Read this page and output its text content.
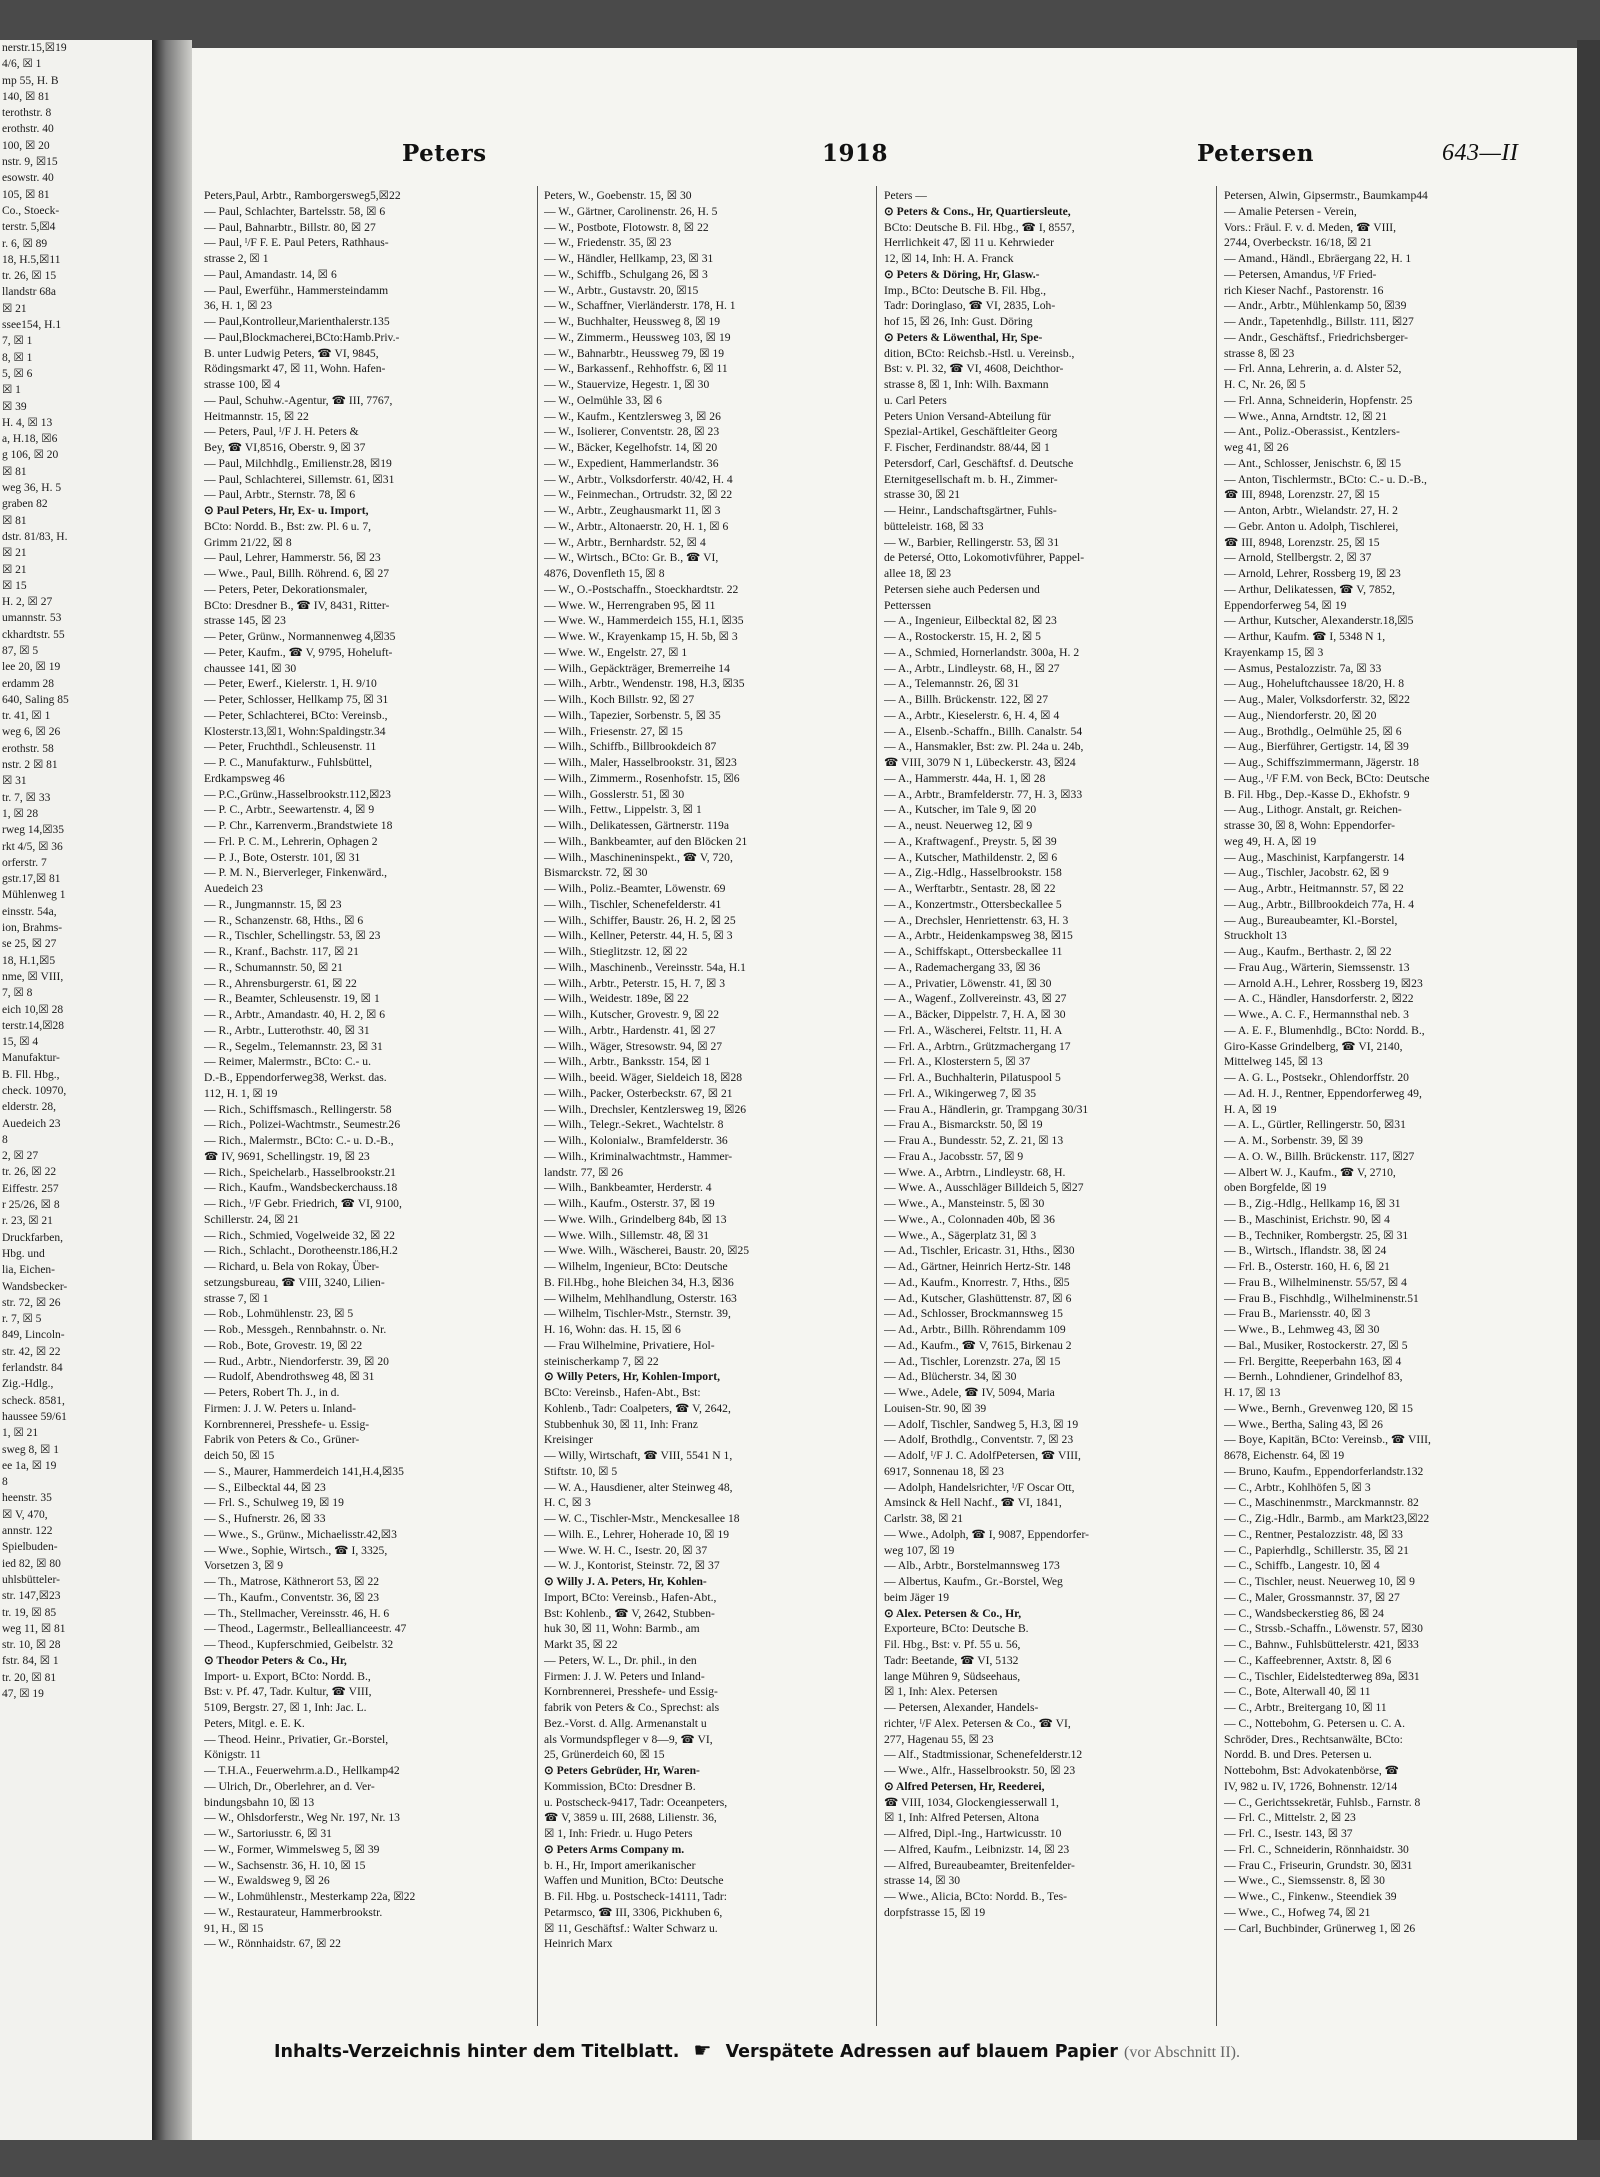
nerstr.15,☒19
4/6, ☒ 1
mp 55, H. B
140, ☒ 81
terothstr. 8
erothstr. 40
100, ☒ 20
nstr. 9, ☒15
esowstr. 40
105, ☒ 81
Co., Stoeck-
terstr. 5,☒4
r. 6, ☒ 89
18, H.5,☒11
tr. 26, ☒ 15
llandstr 68a
☒ 21
ssee154, H.1
7, ☒ 1
8, ☒ 1
5, ☒ 6
☒ 1
☒ 39
H. 4, ☒ 13
a, H.18, ☒6
g 106, ☒ 20
☒ 81
weg 36, H. 5
graben 82
☒ 81
dstr. 81/83, H.
☒ 21
☒ 21
☒ 15
H. 2, ☒ 27
umannstr. 53
ckhardtstr. 55
87, ☒ 5
lee 20, ☒ 19
erdamm 28
640, Saling 85
tr. 41, ☒ 1
weg 6, ☒ 26
erothstr. 58
nstr. 2 ☒ 81
☒ 31
tr. 7, ☒ 33
1, ☒ 28
rweg 14,☒35
rkt 4/5, ☒ 36
orferstr. 7
gstr.17,☒ 81
Mühlenweg 1
einsstr. 54a,
ion, Brahms-
se 25, ☒ 27
18, H.1,☒5
nme, ☒ VIII,
7, ☒ 8
eich 10,☒ 28
terstr.14,☒28
15, ☒ 4
Manufaktur-
B. Fll. Hbg.,
check. 10970,
elderstr. 28,
Auedeich 23
8
2, ☒ 27
tr. 26, ☒ 22
Eiffestr. 257
r 25/26, ☒ 8
r. 23, ☒ 21
Druckfarben,
Hbg. und
lia, Eichen-
Wandsbecker-
str. 72, ☒ 26
r. 7, ☒ 5
849, Lincoln-
str. 42, ☒ 22
ferlandstr. 84
Zig.-Hdlg.,
scheck. 8581,
haussee 59/61
1, ☒ 21
sweg 8, ☒ 1
ee 1a, ☒ 19
8
heenstr. 35
☒ V, 470,
annstr. 122
Spielbuden-
ied 82, ☒ 80
uhlsbütteler-
str. 147,☒23
tr. 19, ☒ 85
weg 11, ☒ 81
str. 10, ☒ 28
fstr. 84, ☒ 1
tr. 20, ☒ 81
47, ☒ 19
Peters	1918	Petersen	643—II
Peters,Paul, Arbtr., Ramborgersweg5,☒22
— Paul, Schlachter, Bartelsstr. 58, ☒ 6
— Paul, Bahnarbtr., Billstr. 80, ☒ 27
— Paul, ᴵ/F F. E. Paul Peters, Rathhaus-
strasse 2, ☒ 1
— Paul, Amandastr. 14, ☒ 6
— Paul, Ewerführ., Hammersteindamm
36, H. 1, ☒ 23
— Paul,Kontrolleur,Marienthalerstr.135
— Paul,Blockmacherei,BCto:Hamb.Priv.-
B. unter Ludwig Peters, ☎ VI, 9845,
Rödingsmarkt 47, ☒ 11, Wohn. Hafen-
strasse 100, ☒ 4
— Paul, Schuhw.-Agentur, ☎ III, 7767,
Heitmannstr. 15, ☒ 22
— Peters, Paul, ᴵ/F J. H. Peters &
Bey, ☎ VI,8516, Oberstr. 9, ☒ 37
— Paul, Milchhdlg., Emilienstr.28, ☒19
— Paul, Schlachterei, Sillemstr. 61, ☒31
— Paul, Arbtr., Sternstr. 78, ☒ 6
⊙ Paul Peters, Hr, Ex- u. Import,
BCto: Nordd. B., Bst: zw. Pl. 6 u. 7,
Grimm 21/22, ☒ 8
— Paul, Lehrer, Hammerstr. 56, ☒ 23
— Wwe., Paul, Billh. Röhrend. 6, ☒ 27
— Peters, Peter, Dekorationsmaler,
BCto: Dresdner B., ☎ IV, 8431, Ritter-
strasse 145, ☒ 23
— Peter, Grünw., Normannenweg 4,☒35
— Peter, Kaufm., ☎ V, 9795, Hoheluft-
chaussee 141, ☒ 30
— Peter, Ewerf., Kielerstr. 1, H. 9/10
— Peter, Schlosser, Hellkamp 75, ☒ 31
— Peter, Schlachterei, BCto: Vereinsb.,
Klosterstr.13,☒1, Wohn:Spaldingstr.34
— Peter, Fruchthdl., Schleusenstr. 11
— P. C., Manufakturw., Fuhlsbüttel,
Erdkampsweg 46
— P.C.,Grünw.,Hasselbrookstr.112,☒23
— P. C., Arbtr., Seewartenstr. 4, ☒ 9
— P. Chr., Karrenverm.,Brandstwiete 18
— Frl. P. C. M., Lehrerin, Ophagen 2
— P. J., Bote, Osterstr. 101, ☒ 31
— P. M. N., Bierverleger, Finkenwärd.,
Auedeich 23
— R., Jungmannstr. 15, ☒ 23
— R., Schanzenstr. 68, Hths., ☒ 6
— R., Tischler, Schellingstr. 53, ☒ 23
— R., Kranf., Bachstr. 117, ☒ 21
— R., Schumannstr. 50, ☒ 21
— R., Ahrensburgerstr. 61, ☒ 22
— R., Beamter, Schleusenstr. 19, ☒ 1
— R., Arbtr., Amandastr. 40, H. 2, ☒ 6
— R., Arbtr., Lutterothstr. 40, ☒ 31
— R., Segelm., Telemannstr. 23, ☒ 31
— Reimer, Malermstr., BCto: C.- u.
D.-B., Eppendorferweg38, Werkst. das.
112, H. 1, ☒ 19
— Rich., Schiffsmasch., Rellingerstr. 58
— Rich., Polizei-Wachtmstr., Seumestr.26
— Rich., Malermstr., BCto: C.- u. D.-B.,
☎ IV, 9691, Schellingstr. 19, ☒ 23
— Rich., Speichelarb., Hasselbrookstr.21
— Rich., Kaufm., Wandsbeckerchauss.18
— Rich., ᴵ/F Gebr. Friedrich, ☎ VI, 9100,
Schillerstr. 24, ☒ 21
— Rich., Schmied, Vogelweide 32, ☒ 22
— Rich., Schlacht., Dorotheenstr.186,H.2
— Richard, u. Bela von Rokay, Über-
setzungsbureau, ☎ VIII, 3240, Lilien-
strasse 7, ☒ 1
— Rob., Lohmühlenstr. 23, ☒ 5
— Rob., Messgeh., Rennbahnstr. o. Nr.
— Rob., Bote, Grovestr. 19, ☒ 22
— Rud., Arbtr., Niendorferstr. 39, ☒ 20
— Rudolf, Abendrothsweg 48, ☒ 31
— Peters, Robert Th. J., in d.
Firmen: J. J. W. Peters u. Inland-
Kornbrennerei, Presshefe- u. Essig-
Fabrik von Peters & Co., Grüner-
deich 50, ☒ 15
— S., Maurer, Hammerdeich 141,H.4,☒35
— S., Eilbecktal 44, ☒ 23
— Frl. S., Schulweg 19, ☒ 19
— S., Hufnerstr. 26, ☒ 33
— Wwe., S., Grünw., Michaelisstr.42,☒3
— Wwe., Sophie, Wirtsch., ☎ I, 3325,
Vorsetzen 3, ☒ 9
— Th., Matrose, Käthnerort 53, ☒ 22
— Th., Kaufm., Conventstr. 36, ☒ 23
— Th., Stellmacher, Vereinsstr. 46, H. 6
— Theod., Lagermstr., Belleallianceestr. 47
— Theod., Kupferschmied, Geibelstr. 32
⊙ Theodor Peters & Co., Hr,
Import- u. Export, BCto: Nordd. B.,
Bst: v. Pf. 47, Tadr. Kultur, ☎ VIII,
5109, Bergstr. 27, ☒ 1, Inh: Jac. L.
Peters, Mitgl. e. E. K.
— Theod. Heinr., Privatier, Gr.-Borstel,
Königstr. 11
— T.H.A., Feuerwehrm.a.D., Hellkamp42
— Ulrich, Dr., Oberlehrer, an d. Ver-
bindungsbahn 10, ☒ 13
— W., Ohlsdorferstr., Weg Nr. 197, Nr. 13
— W., Sartoriusstr. 6, ☒ 31
— W., Former, Wimmelsweg 5, ☒ 39
— W., Sachsenstr. 36, H. 10, ☒ 15
— W., Ewaldsweg 9, ☒ 26
— W., Lohmühlenstr., Mesterkamp 22a, ☒22
— W., Restaurateur, Hammerbrookstr.
91, H., ☒ 15
— W., Rönnhaidstr. 67, ☒ 22
Peters, W., Goebenstr. 15, ☒ 30
— W., Gärtner, Carolinenstr. 26, H. 5
— W., Postbote, Flotowstr. 8, ☒ 22
— W., Friedenstr. 35, ☒ 23
— W., Händler, Hellkamp, 23, ☒ 31
— W., Schiffb., Schulgang 26, ☒ 3
— W., Arbtr., Gustavstr. 20, ☒15
— W., Schaffner, Vierländerstr. 178, H. 1
— W., Buchhalter, Heussweg 8, ☒ 19
— W., Zimmerm., Heussweg 103, ☒ 19
— W., Bahnarbtr., Heussweg 79, ☒ 19
— W., Barkassenf., Rehhoffstr. 6, ☒ 11
— W., Stauervize, Hegestr. 1, ☒ 30
— W., Oelmühle 33, ☒ 6
— W., Kaufm., Kentzlersweg 3, ☒ 26
— W., Isolierer, Conventstr. 28, ☒ 23
— W., Bäcker, Kegelhofstr. 14, ☒ 20
— W., Expedient, Hammerlandstr. 36
— W., Arbtr., Volksdorferstr. 40/42, H. 4
— W., Feinmechan., Ortrudstr. 32, ☒ 22
— W., Arbtr., Zeughausmarkt 11, ☒ 3
— W., Arbtr., Altonaerstr. 20, H. 1, ☒ 6
— W., Arbtr., Bernhardstr. 52, ☒ 4
— W., Wirtsch., BCto: Gr. B., ☎ VI,
4876, Dovenfleth 15, ☒ 8
— W., O.-Postschaffn., Stoeckhardtstr. 22
— Wwe. W., Herrengraben 95, ☒ 11
— Wwe. W., Hammerdeich 155, H.1, ☒35
— Wwe. W., Krayenkamp 15, H. 5b, ☒ 3
— Wwe. W., Engelstr. 27, ☒ 1
— Wilh., Gepäckträger, Bremerreihe 14
— Wilh., Arbtr., Wendenstr. 198, H.3, ☒35
— Wilh., Koch Billstr. 92, ☒ 27
— Wilh., Tapezier, Sorbenstr. 5, ☒ 35
— Wilh., Friesenstr. 27, ☒ 15
— Wilh., Schiffb., Billbrookdeich 87
— Wilh., Maler, Hasselbrookstr. 31, ☒23
— Wilh., Zimmerm., Rosenhofstr. 15, ☒6
— Wilh., Gosslerstr. 51, ☒ 30
— Wilh., Fettw., Lippelstr. 3, ☒ 1
— Wilh., Delikatessen, Gärtnerstr. 119a
— Wilh., Bankbeamter, auf den Blöcken 21
— Wilh., Maschineninspekt., ☎ V, 720,
Bismarckstr. 72, ☒ 30
— Wilh., Poliz.-Beamter, Löwenstr. 69
— Wilh., Tischler, Schenefelderstr. 41
— Wilh., Schiffer, Baustr. 26, H. 2, ☒ 25
— Wilh., Kellner, Peterstr. 44, H. 5, ☒ 3
— Wilh., Stieglitzstr. 12, ☒ 22
— Wilh., Maschinenb., Vereinsstr. 54a, H.1
— Wilh., Arbtr., Peterstr. 15, H. 7, ☒ 3
— Wilh., Weidestr. 189e, ☒ 22
— Wilh., Kutscher, Grovestr. 9, ☒ 22
— Wilh., Arbtr., Hardenstr. 41, ☒ 27
— Wilh., Wäger, Stresowstr. 94, ☒ 27
— Wilh., Arbtr., Banksstr. 154, ☒ 1
— Wilh., beeid. Wäger, Sieldeich 18, ☒28
— Wilh., Packer, Osterbeckstr. 67, ☒ 21
— Wilh., Drechsler, Kentzlersweg 19, ☒26
— Wilh., Telegr.-Sekret., Wachtelstr. 8
— Wilh., Kolonialw., Bramfelderstr. 36
— Wilh., Kriminalwachtmstr., Hammer-
landstr. 77, ☒ 26
— Wilh., Bankbeamter, Herderstr. 4
— Wilh., Kaufm., Osterstr. 37, ☒ 19
— Wwe. Wilh., Grindelberg 84b, ☒ 13
— Wwe. Wilh., Sillemstr. 48, ☒ 31
— Wwe. Wilh., Wäscherei, Baustr. 20, ☒25
— Wilhelm, Ingenieur, BCto: Deutsche
B. Fil.Hbg., hohe Bleichen 34, H.3, ☒36
— Wilhelm, Mehlhandlung, Osterstr. 163
— Wilhelm, Tischler-Mstr., Sternstr. 39,
H. 16, Wohn: das. H. 15, ☒ 6
— Frau Wilhelmine, Privatiere, Hol-
steinischerkamp 7, ☒ 22
⊙ Willy Peters, Hr, Kohlen-Import,
BCto: Vereinsb., Hafen-Abt., Bst:
Kohlenb., Tadr: Coalpeters, ☎ V, 2642,
Stubbenhuk 30, ☒ 11, Inh: Franz
Kreisinger
— Willy, Wirtschaft, ☎ VIII, 5541 N 1,
Stiftstr. 10, ☒ 5
— W. A., Hausdiener, alter Steinweg 48,
H. C, ☒ 3
— W. C., Tischler-Mstr., Menckesallee 18
— Wilh. E., Lehrer, Hoherade 10, ☒ 19
— Wwe. W. H. C., Isestr. 20, ☒ 37
— W. J., Kontorist, Steinstr. 72, ☒ 37
⊙ Willy J. A. Peters, Hr, Kohlen-
Import, BCto: Vereinsb., Hafen-Abt.,
Bst: Kohlenb., ☎ V, 2642, Stubben-
huk 30, ☒ 11, Wohn: Barmb., am
Markt 35, ☒ 22
— Peters, W. L., Dr. phil., in den
Firmen: J. J. W. Peters und Inland-
Kornbrennerei, Presshefe- und Essig-
fabrik von Peters & Co., Sprechst: als
Bez.-Vorst. d. Allg. Armenanstalt u
als Vormundspfleger v 8—9, ☎ VI,
25, Grünerdeich 60, ☒ 15
⊙ Peters Gebrüder, Hr, Waren-
Kommission, BCto: Dresdner B.
u. Postscheck-9417, Tadr: Oceanpeters,
☎ V, 3859 u. III, 2688, Lilienstr. 36,
☒ 1, Inh: Friedr. u. Hugo Peters
⊙ Peters Arms Company m.
b. H., Hr, Import amerikanischer
Waffen und Munition, BCto: Deutsche
B. Fil. Hbg. u. Postscheck-14111, Tadr:
Petarmsco, ☎ III, 3306, Pickhuben 6,
☒ 11, Geschäftsf.: Walter Schwarz u.
Heinrich Marx
Peters —
⊙ Peters & Cons., Hr, Quartiersleute,
BCto: Deutsche B. Fil. Hbg., ☎ I, 8557,
Herrlichkeit 47, ☒ 11 u. Kehrwieder
12, ☒ 14, Inh: H. A. Franck
⊙ Peters & Döring, Hr, Glasw.-
Imp., BCto: Deutsche B. Fil. Hbg.,
Tadr: Doringlaso, ☎ VI, 2835, Loh-
hof 15, ☒ 26, Inh: Gust. Döring
⊙ Peters & Löwenthal, Hr, Spe-
dition, BCto: Reichsb.-Hstl. u. Vereinsb.,
Bst: v. Pl. 32, ☎ VI, 4608, Deichthor-
strasse 8, ☒ 1, Inh: Wilh. Baxmann
u. Carl Peters
Peters Union Versand-Abteilung für
Spezial-Artikel, Geschäftleiter Georg
F. Fischer, Ferdinandstr. 88/44, ☒ 1
Petersdorf, Carl, Geschäftsf. d. Deutsche
Eternitgesellschaft m. b. H., Zimmer-
strasse 30, ☒ 21
— Heinr., Landschaftsgärtner, Fuhls-
bütteleistr. 168, ☒ 33
— W., Barbier, Rellingerstr. 53, ☒ 31
de Petersé, Otto, Lokomotivführer, Pappel-
allee 18, ☒ 23
Petersen siehe auch Pedersen und
Petterssen
— A., Ingenieur, Eilbecktal 82, ☒ 23
— A., Rostockerstr. 15, H. 2, ☒ 5
— A., Schmied, Hornerlandstr. 300a, H. 2
— A., Arbtr., Lindleystr. 68, H., ☒ 27
— A., Telemannstr. 26, ☒ 31
— A., Billh. Brückenstr. 122, ☒ 27
— A., Arbtr., Kieselerstr. 6, H. 4, ☒ 4
— A., Elsenb.-Schaffn., Billh. Canalstr. 54
— A., Hansmakler, Bst: zw. Pl. 24a u. 24b,
☎ VIII, 3079 N 1, Lübeckerstr. 43, ☒24
— A., Hammerstr. 44a, H. 1, ☒ 28
— A., Arbtr., Bramfelderstr. 77, H. 3, ☒33
— A., Kutscher, im Tale 9, ☒ 20
— A., neust. Neuerweg 12, ☒ 9
— A., Kraftwagenf., Preystr. 5, ☒ 39
— A., Kutscher, Mathildenstr. 2, ☒ 6
— A., Zig.-Hdlg., Hasselbrookstr. 158
— A., Werftarbtr., Sentastr. 28, ☒ 22
— A., Konzertmstr., Ottersbeckallee 5
— A., Drechsler, Henriettenstr. 63, H. 3
— A., Arbtr., Heidenkampsweg 38, ☒15
— A., Schiffskapt., Ottersbeckallee 11
— A., Rademachergang 33, ☒ 36
— A., Privatier, Löwenstr. 41, ☒ 30
— A., Wagenf., Zollvereinstr. 43, ☒ 27
— A., Bäcker, Dippelstr. 7, H. A, ☒ 30
— Frl. A., Wäscherei, Feltstr. 11, H. A
— Frl. A., Arbtrn., Grützmachergang 17
— Frl. A., Klosterstern 5, ☒ 37
— Frl. A., Buchhalterin, Pilatuspool 5
— Frl. A., Wikingerweg 7, ☒ 35
— Frau A., Händlerin, gr. Trampgang 30/31
— Frau A., Bismarckstr. 50, ☒ 19
— Frau A., Bundesstr. 52, Z. 21, ☒ 13
— Frau A., Jacobsstr. 57, ☒ 9
— Wwe. A., Arbtrn., Lindleystr. 68, H.
— Wwe. A., Ausschläger Billdeich 5, ☒27
— Wwe., A., Mansteinstr. 5, ☒ 30
— Wwe., A., Colonnaden 40b, ☒ 36
— Wwe., A., Sägerplatz 31, ☒ 3
— Ad., Tischler, Ericastr. 31, Hths., ☒30
— Ad., Gärtner, Heinrich Hertz-Str. 148
— Ad., Kaufm., Knorrestr. 7, Hths., ☒5
— Ad., Kutscher, Glashüttenstr. 87, ☒ 6
— Ad., Schlosser, Brockmannsweg 15
— Ad., Arbtr., Billh. Röhrendamm 109
— Ad., Kaufm., ☎ V, 7615, Birkenau 2
— Ad., Tischler, Lorenzstr. 27a, ☒ 15
— Ad., Blücherstr. 34, ☒ 30
— Wwe., Adele, ☎ IV, 5094, Maria
Louisen-Str. 90, ☒ 39
— Adolf, Tischler, Sandweg 5, H.3, ☒ 19
— Adolf, Brothdlg., Conventstr. 7, ☒ 23
— Adolf, ᴵ/F J. C. AdolfPetersen, ☎ VIII,
6917, Sonnenau 18, ☒ 23
— Adolph, Handelsrichter, ᴵ/F Oscar Ott,
Amsinck & Hell Nachf., ☎ VI, 1841,
Carlstr. 38, ☒ 21
— Wwe., Adolph, ☎ I, 9087, Eppendorfer-
weg 107, ☒ 19
— Alb., Arbtr., Borstelmannsweg 173
— Albertus, Kaufm., Gr.-Borstel, Weg
beim Jäger 19
⊙ Alex. Petersen & Co., Hr,
Exporteure, BCto: Deutsche B.
Fil. Hbg., Bst: v. Pf. 55 u. 56,
Tadr: Beetande, ☎ VI, 5132
lange Mühren 9, Südseehaus,
☒ 1, Inh: Alex. Petersen
— Petersen, Alexander, Handels-
richter, ᴵ/F Alex. Petersen & Co., ☎ VI,
277, Hagenau 55, ☒ 23
— Alf., Stadtmissionar, Schenefelderstr.12
— Wwe., Alfr., Hasselbrookstr. 50, ☒ 23
⊙ Alfred Petersen, Hr, Reederei,
☎ VIII, 1034, Glockengiesserwall 1,
☒ 1, Inh: Alfred Petersen, Altona
— Alfred, Dipl.-Ing., Hartwicusstr. 10
— Alfred, Kaufm., Leibnizstr. 14, ☒ 23
— Alfred, Bureaubeamter, Breitenfelder-
strasse 14, ☒ 30
— Wwe., Alicia, BCto: Nordd. B., Tes-
dorpfstrasse 15, ☒ 19
Petersen, Alwin, Gipsermstr., Baumkamp44
— Amalie Petersen - Verein,
Vors.: Fräul. F. v. d. Meden, ☎ VIII,
2744, Overbeckstr. 16/18, ☒ 21
— Amand., Händl., Ebräergang 22, H. 1
— Petersen, Amandus, ᴵ/F Fried-
rich Kieser Nachf., Pastorenstr. 16
— Andr., Arbtr., Mühlenkamp 50, ☒39
— Andr., Tapetenhdlg., Billstr. 111, ☒27
— Andr., Geschäftsf., Friedrichsberger-
strasse 8, ☒ 23
— Frl. Anna, Lehrerin, a. d. Alster 52,
H. C, Nr. 26, ☒ 5
— Frl. Anna, Schneiderin, Hopfenstr. 25
— Wwe., Anna, Arndtstr. 12, ☒ 21
— Ant., Poliz.-Oberassist., Kentzlers-
weg 41, ☒ 26
— Ant., Schlosser, Jenischstr. 6, ☒ 15
— Anton, Tischlermstr., BCto: C.- u. D.-B.,
☎ III, 8948, Lorenzstr. 27, ☒ 15
— Anton, Arbtr., Wielandstr. 27, H. 2
— Gebr. Anton u. Adolph, Tischlerei,
☎ III, 8948, Lorenzstr. 25, ☒ 15
— Arnold, Stellbergstr. 2, ☒ 37
— Arnold, Lehrer, Rossberg 19, ☒ 23
— Arthur, Delikatessen, ☎ V, 7852,
Eppendorferweg 54, ☒ 19
— Arthur, Kutscher, Alexanderstr.18,☒5
— Arthur, Kaufm. ☎ I, 5348 N 1,
Krayenkamp 15, ☒ 3
— Asmus, Pestalozzistr. 7a, ☒ 33
— Aug., Hoheluftchaussee 18/20, H. 8
— Aug., Maler, Volksdorferstr. 32, ☒22
— Aug., Niendorferstr. 20, ☒ 20
— Aug., Brothdlg., Oelmühle 25, ☒ 6
— Aug., Bierführer, Gertigstr. 14, ☒ 39
— Aug., Schiffszimmermann, Jägerstr. 18
— Aug., ᴵ/F F.M. von Beck, BCto: Deutsche
B. Fil. Hbg., Dep.-Kasse D., Ekhofstr. 9
— Aug., Lithogr. Anstalt, gr. Reichen-
strasse 30, ☒ 8, Wohn: Eppendorfer-
weg 49, H. A, ☒ 19
— Aug., Maschinist, Karpfangerstr. 14
— Aug., Tischler, Jacobstr. 62, ☒ 9
— Aug., Arbtr., Heitmannstr. 57, ☒ 22
— Aug., Arbtr., Billbrookdeich 77a, H. 4
— Aug., Bureaubeamter, Kl.-Borstel,
Struckholt 13
— Aug., Kaufm., Berthastr. 2, ☒ 22
— Frau Aug., Wärterin, Siemssenstr. 13
— Arnold A.H., Lehrer, Rossberg 19, ☒23
— A. C., Händler, Hansdorferstr. 2, ☒22
— Wwe., A. C. F., Hermannsthal neb. 3
— A. E. F., Blumenhdlg., BCto: Nordd. B.,
Giro-Kasse Grindelberg, ☎ VI, 2140,
Mittelweg 145, ☒ 13
— A. G. L., Postsekr., Ohlendorffstr. 20
— Ad. H. J., Rentner, Eppendorferweg 49,
H. A, ☒ 19
— A. L., Gürtler, Rellingerstr. 50, ☒31
— A. M., Sorbenstr. 39, ☒ 39
— A. O. W., Billh. Brückenstr. 117, ☒27
— Albert W. J., Kaufm., ☎ V, 2710,
oben Borgfelde, ☒ 19
— B., Zig.-Hdlg., Hellkamp 16, ☒ 31
— B., Maschinist, Erichstr. 90, ☒ 4
— B., Techniker, Rombergstr. 25, ☒ 31
— B., Wirtsch., Iflandstr. 38, ☒ 24
— Frl. B., Osterstr. 160, H. 6, ☒ 21
— Frau B., Wilhelminenstr. 55/57, ☒ 4
— Frau B., Fischhdlg., Wilhelminenstr.51
— Frau B., Mariensstr. 40, ☒ 3
— Wwe., B., Lehmweg 43, ☒ 30
— Bal., Musiker, Rostockerstr. 27, ☒ 5
— Frl. Bergitte, Reeperbahn 163, ☒ 4
— Bernh., Lohndiener, Grindelhof 83,
H. 17, ☒ 13
— Wwe., Bernh., Grevenweg 120, ☒ 15
— Wwe., Bertha, Saling 43, ☒ 26
— Boye, Kapitän, BCto: Vereinsb., ☎ VIII,
8678, Eichenstr. 64, ☒ 19
— Bruno, Kaufm., Eppendorferlandstr.132
— C., Arbtr., Kohlhöfen 5, ☒ 3
— C., Maschinenmstr., Marckmannstr. 82
— C., Zig.-Hdlr., Barmb., am Markt23,☒22
— C., Rentner, Pestalozzistr. 48, ☒ 33
— C., Papierhdlg., Schillerstr. 35, ☒ 21
— C., Schiffb., Langestr. 10, ☒ 4
— C., Tischler, neust. Neuerweg 10, ☒ 9
— C., Maler, Grossmannstr. 37, ☒ 27
— C., Wandsbeckerstieg 86, ☒ 24
— C., Strssb.-Schaffn., Löwenstr. 57, ☒30
— C., Bahnw., Fuhlsbüttelerstr. 421, ☒33
— C., Kaffeebrenner, Axtstr. 8, ☒ 6
— C., Tischler, Eidelstedterweg 89a, ☒31
— C., Bote, Alterwall 40, ☒ 11
— C., Arbtr., Breitergang 10, ☒ 11
— C., Nottebohm, G. Petersen u. C. A.
Schröder, Dres., Rechtsanwälte, BCto:
Nordd. B. und Dres. Petersen u.
Nottebohm, Bst: Advokatenbörse, ☎
IV, 982 u. IV, 1726, Bohnenstr. 12/14
— C., Gerichtssekretär, Fuhlsb., Farnstr. 8
— Frl. C., Mittelstr. 2, ☒ 23
— Frl. C., Isestr. 143, ☒ 37
— Frl. C., Schneiderin, Rönnhaidstr. 30
— Frau C., Friseurin, Grundstr. 30, ☒31
— Wwe., C., Siemssenstr. 8, ☒ 30
— Wwe., C., Finkenw., Steendiek 39
— Wwe., C., Hofweg 74, ☒ 21
— Carl, Buchbinder, Grünerweg 1, ☒ 26
Inhalts-Verzeichnis hinter dem Titelblatt. ☛ Verspätete Adressen auf blauem Papier (vor Abschnitt II).
